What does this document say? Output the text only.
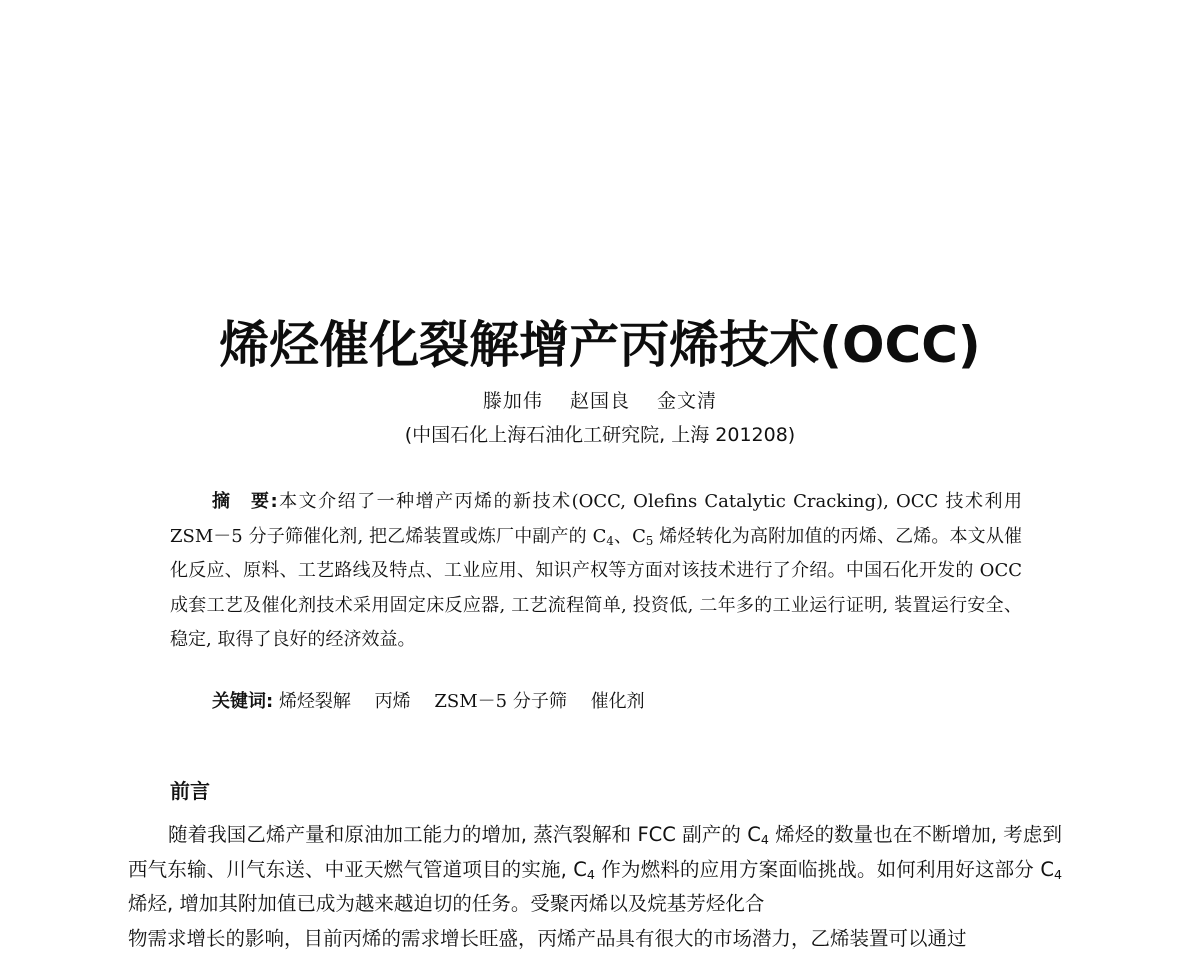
烯烃催化裂解增产丙烯技术(OCC)
滕加伟 赵国良 金文清
(中国石化上海石油化工研究院, 上海 201208)
摘　要:本文介绍了一种增产丙烯的新技术(OCC, Olefins Catalytic Cracking), OCC 技术利用 ZSM－5 分子筛催化剂, 把乙烯装置或炼厂中副产的 $C_4$、$C_5$ 烯烃转化为高附加值的丙烯、乙烯。本文从催化反应、原料、工艺路线及特点、工业应用、知识产权等方面对该技术进行了介绍。中国石化开发的 OCC 成套工艺及催化剂技术采用固定床反应器, 工艺流程简单, 投资低, 二年多的工业运行证明, 装置运行安全、稳定, 取得了良好的经济效益。
关键词: 烯烃裂解 丙烯 ZSM－5 分子筛 催化剂
前言
随着我国乙烯产量和原油加工能力的增加, 蒸汽裂解和 FCC 副产的 $C_4$ 烯烃的数量也在不断增加, 考虑到西气东输、川气东送、中亚天燃气管道项目的实施, $C_4$ 作为燃料的应用方案面临挑战。如何利用好这部分 $C_4$ 烯烃, 增加其附加值已成为越来越迫切的任务。受聚丙烯以及烷基芳烃化合
物需求增长的影响，目前丙烯的需求增长旺盛，丙烯产品具有很大的市场潜力，乙烯装置可以通过
